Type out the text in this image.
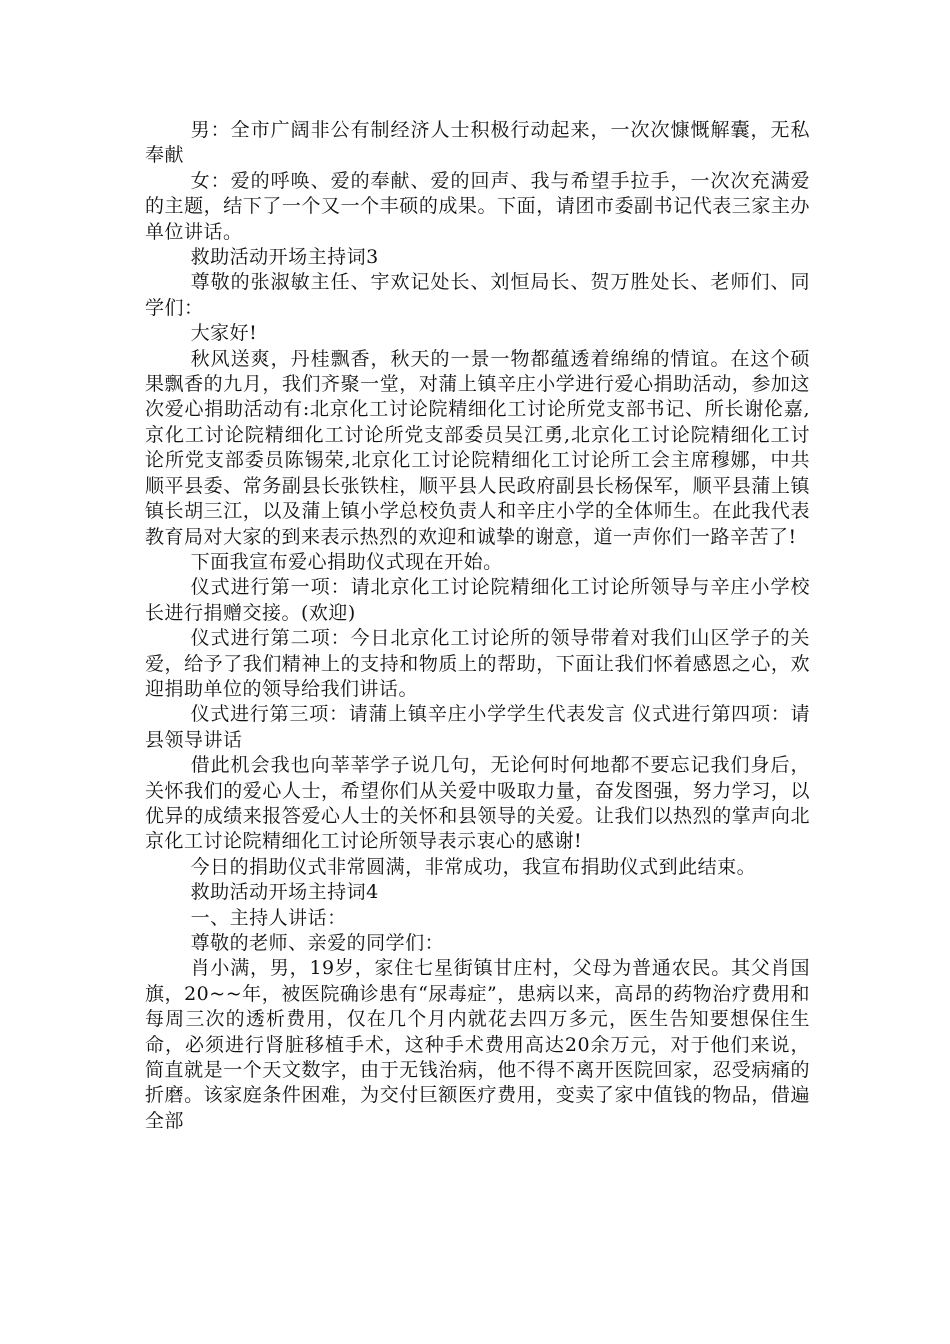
男：全市广阔非公有制经济人士积极行动起来，一次次慷慨解囊，无私奉献

女：爱的呼唤、爱的奉献、爱的回声、我与希望手拉手，一次次充满爱的主题，结下了一个又一个丰硕的成果。下面，请团市委副书记代表三家主办单位讲话。

救助活动开场主持词3

尊敬的张淑敏主任、宇欢记处长、刘恒局长、贺万胜处长、老师们、同学们：

大家好!

秋风送爽，丹桂飘香，秋天的一景一物都蕴透着绵绵的情谊。在这个硕果飘香的九月，我们齐聚一堂，对蒲上镇辛庄小学进行爱心捐助活动，参加这次爱心捐助活动有:北京化工讨论院精细化工讨论所党支部书记、所长谢伦嘉,京化工讨论院精细化工讨论所党支部委员吴江勇,北京化工讨论院精细化工讨论所党支部委员陈锡荣,北京化工讨论院精细化工讨论所工会主席穆娜，中共顺平县委、常务副县长张铁柱，顺平县人民政府副县长杨保军，顺平县蒲上镇镇长胡三江，以及蒲上镇小学总校负责人和辛庄小学的全体师生。在此我代表教育局对大家的到来表示热烈的欢迎和诚挚的谢意，道一声你们一路辛苦了!

下面我宣布爱心捐助仪式现在开始。

仪式进行第一项：请北京化工讨论院精细化工讨论所领导与辛庄小学校长进行捐赠交接。(欢迎)

仪式进行第二项：今日北京化工讨论所的领导带着对我们山区学子的关爱，给予了我们精神上的支持和物质上的帮助，下面让我们怀着感恩之心，欢迎捐助单位的领导给我们讲话。

仪式进行第三项：请蒲上镇辛庄小学学生代表发言 仪式进行第四项：请县领导讲话

借此机会我也向莘莘学子说几句，无论何时何地都不要忘记我们身后，关怀我们的爱心人士，希望你们从关爱中吸取力量，奋发图强，努力学习，以优异的成绩来报答爱心人士的关怀和县领导的关爱。让我们以热烈的掌声向北京化工讨论院精细化工讨论所领导表示衷心的感谢!

今日的捐助仪式非常圆满，非常成功，我宣布捐助仪式到此结束。

救助活动开场主持词4

一、主持人讲话：

尊敬的老师、亲爱的同学们：

肖小满，男，19岁，家住七星街镇甘庄村，父母为普通农民。其父肖国旗，20~~年，被医院确诊患有“尿毒症”，患病以来，高昂的药物治疗费用和每周三次的透析费用，仅在几个月内就花去四万多元，医生告知要想保住生命，必须进行肾脏移植手术，这种手术费用高达20余万元，对于他们来说，简直就是一个天文数字，由于无钱治病，他不得不离开医院回家，忍受病痛的折磨。该家庭条件困难，为交付巨额医疗费用，变卖了家中值钱的物品，借遍全部
